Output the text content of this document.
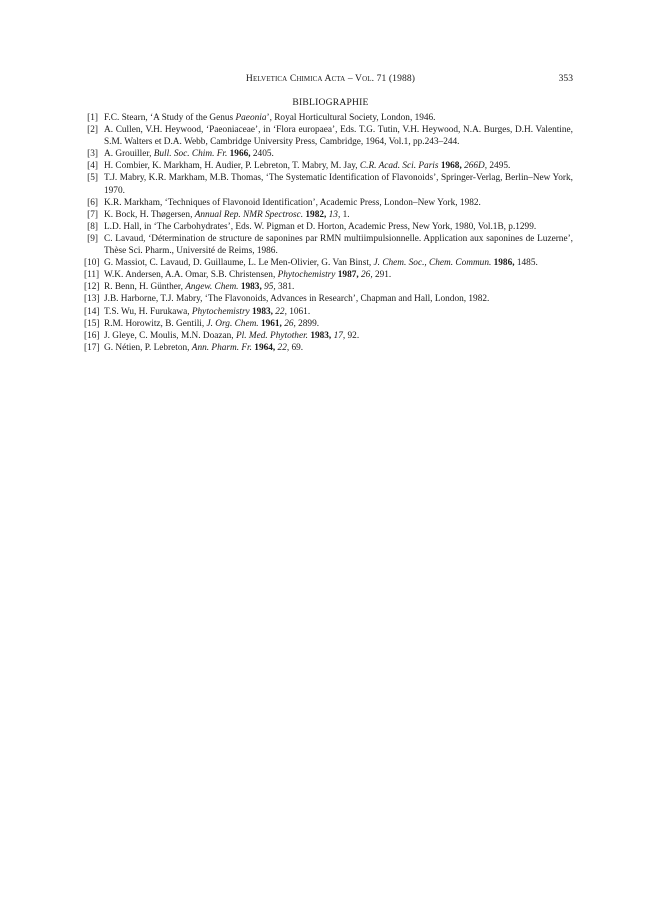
Helvetica Chimica Acta – Vol. 71 (1988)	353
BIBLIOGRAPHIE
[1] F.C. Stearn, ‘A Study of the Genus Paeonia’, Royal Horticultural Society, London, 1946.
[2] A. Cullen, V.H. Heywood, ‘Paeoniaceae’, in ‘Flora europaea’, Eds. T.G. Tutin, V.H. Heywood, N.A. Burges, D.H. Valentine, S.M. Walters et D.A. Webb, Cambridge University Press, Cambridge, 1964, Vol.1, pp.243–244.
[3] A. Grouiller, Bull. Soc. Chim. Fr. 1966, 2405.
[4] H. Combier, K. Markham, H. Audier, P. Lebreton, T. Mabry, M. Jay, C.R. Acad. Sci. Paris 1968, 266D, 2495.
[5] T.J. Mabry, K.R. Markham, M.B. Thomas, ‘The Systematic Identification of Flavonoids’, Springer-Verlag, Berlin–New York, 1970.
[6] K.R. Markham, ‘Techniques of Flavonoid Identification’, Academic Press, London–New York, 1982.
[7] K. Bock, H. Thøgersen, Annual Rep. NMR Spectrosc. 1982, 13, 1.
[8] L.D. Hall, in ‘The Carbohydrates’, Eds. W. Pigman et D. Horton, Academic Press, New York, 1980, Vol.1B, p.1299.
[9] C. Lavaud, ‘Détermination de structure de saponines par RMN multiimpulsionnelle. Application aux saponines de Luzerne’, Thèse Sci. Pharm., Université de Reims, 1986.
[10] G. Massiot, C. Lavaud, D. Guillaume, L. Le Men-Olivier, G. Van Binst, J. Chem. Soc., Chem. Commun. 1986, 1485.
[11] W.K. Andersen, A.A. Omar, S.B. Christensen, Phytochemistry 1987, 26, 291.
[12] R. Benn, H. Günther, Angew. Chem. 1983, 95, 381.
[13] J.B. Harborne, T.J. Mabry, ‘The Flavonoids, Advances in Research’, Chapman and Hall, London, 1982.
[14] T.S. Wu, H. Furukawa, Phytochemistry 1983, 22, 1061.
[15] R.M. Horowitz, B. Gentili, J. Org. Chem. 1961, 26, 2899.
[16] J. Gleye, C. Moulis, M.N. Doazan, Pl. Med. Phytother. 1983, 17, 92.
[17] G. Nétien, P. Lebreton, Ann. Pharm. Fr. 1964, 22, 69.
